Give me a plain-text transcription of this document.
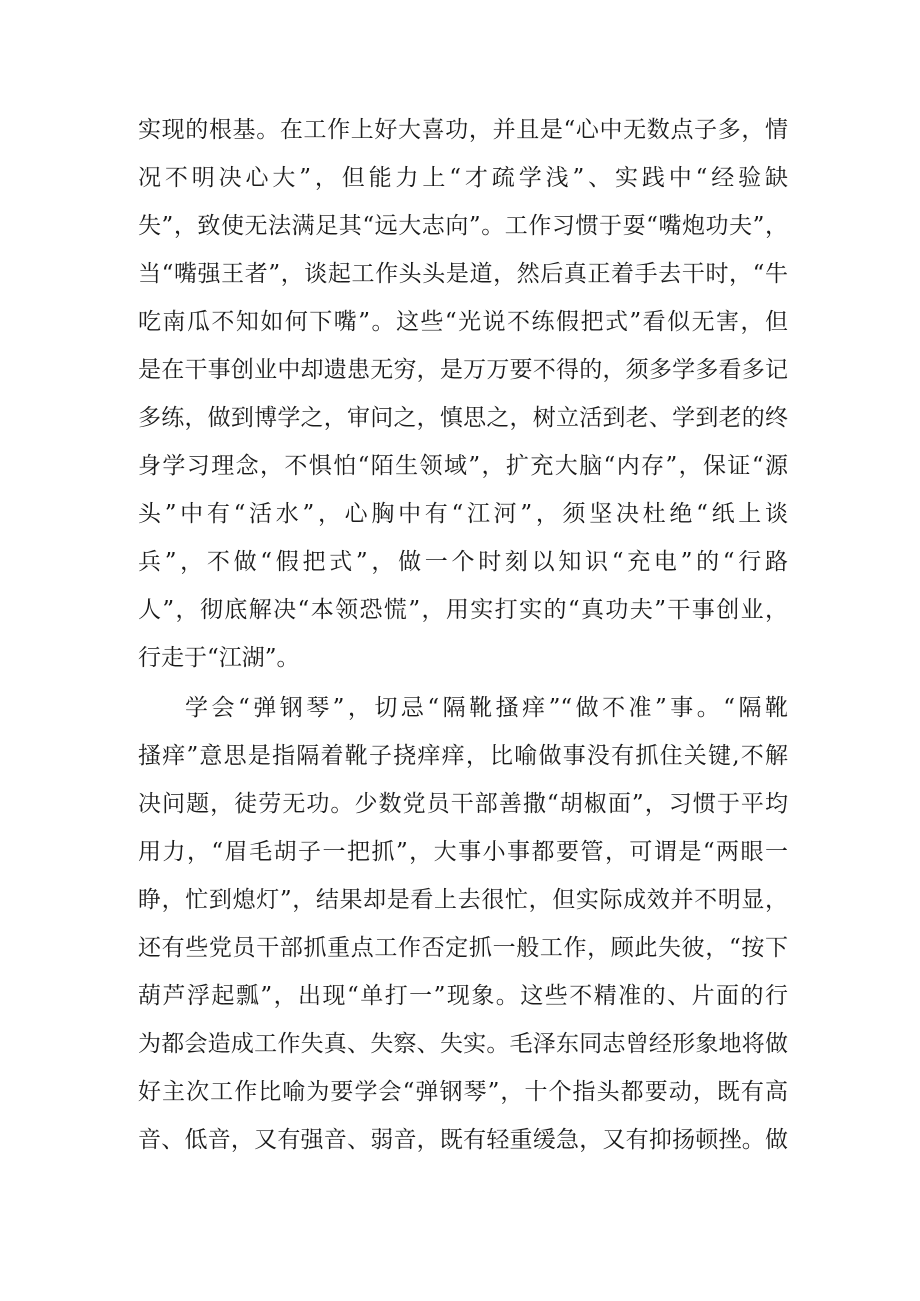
实现的根基。在工作上好大喜功，并且是“心中无数点子多，情
况不明决心大”，但能力上“才疏学浅”、实践中“经验缺
失”，致使无法满足其“远大志向”。工作习惯于耍“嘴炮功夫”，
当“嘴强王者”，谈起工作头头是道，然后真正着手去干时，“牛
吃南瓜不知如何下嘴”。这些“光说不练假把式”看似无害，但
是在干事创业中却遗患无穷，是万万要不得的，须多学多看多记
多练，做到博学之，审问之，慎思之，树立活到老、学到老的终
身学习理念，不惧怕“陌生领域”，扩充大脑“内存”，保证“源
头”中有“活水”，心胸中有“江河”，须坚决杜绝“纸上谈
兵”，不做“假把式”，做一个时刻以知识“充电”的“行路
人”，彻底解决“本领恐慌”，用实打实的“真功夫”干事创业，
行走于“江湖”。
学会“弹钢琴”，切忌“隔靴搔痒”“做不准”事。“隔靴
搔痒”意思是指隔着靴子挠痒痒，比喻做事没有抓住关键,不解
决问题，徒劳无功。少数党员干部善撒“胡椒面”，习惯于平均
用力，“眉毛胡子一把抓”，大事小事都要管，可谓是“两眼一
睁，忙到熄灯”，结果却是看上去很忙，但实际成效并不明显，
还有些党员干部抓重点工作否定抓一般工作，顾此失彼，“按下
葫芦浮起瓢”，出现“单打一”现象。这些不精准的、片面的行
为都会造成工作失真、失察、失实。毛泽东同志曾经形象地将做
好主次工作比喻为要学会“弹钢琴”，十个指头都要动，既有高
音、低音，又有强音、弱音，既有轻重缓急，又有抑扬顿挫。做
